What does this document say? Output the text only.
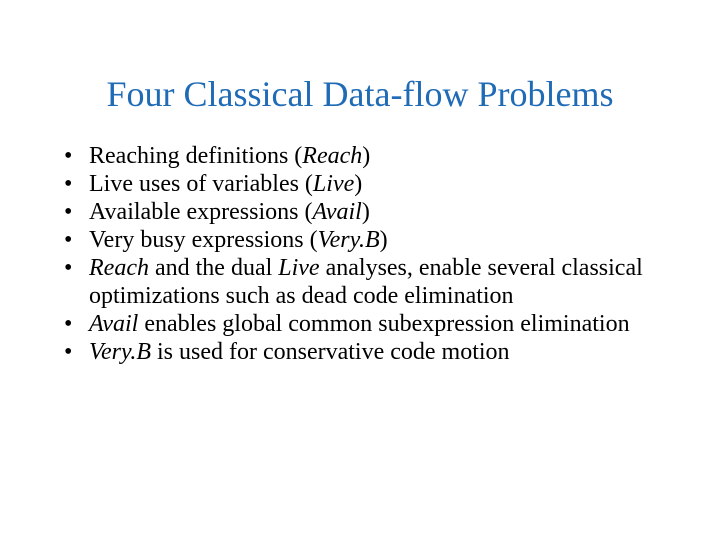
Four Classical Data-flow Problems
• Reaching definitions (Reach)
• Live uses of variables (Live)
• Available expressions (Avail)
• Very busy expressions (Very.B)
• Reach and the dual Live analyses, enable several classical optimizations such as dead code elimination
• Avail enables global common subexpression elimination
• Very.B is used for conservative code motion
